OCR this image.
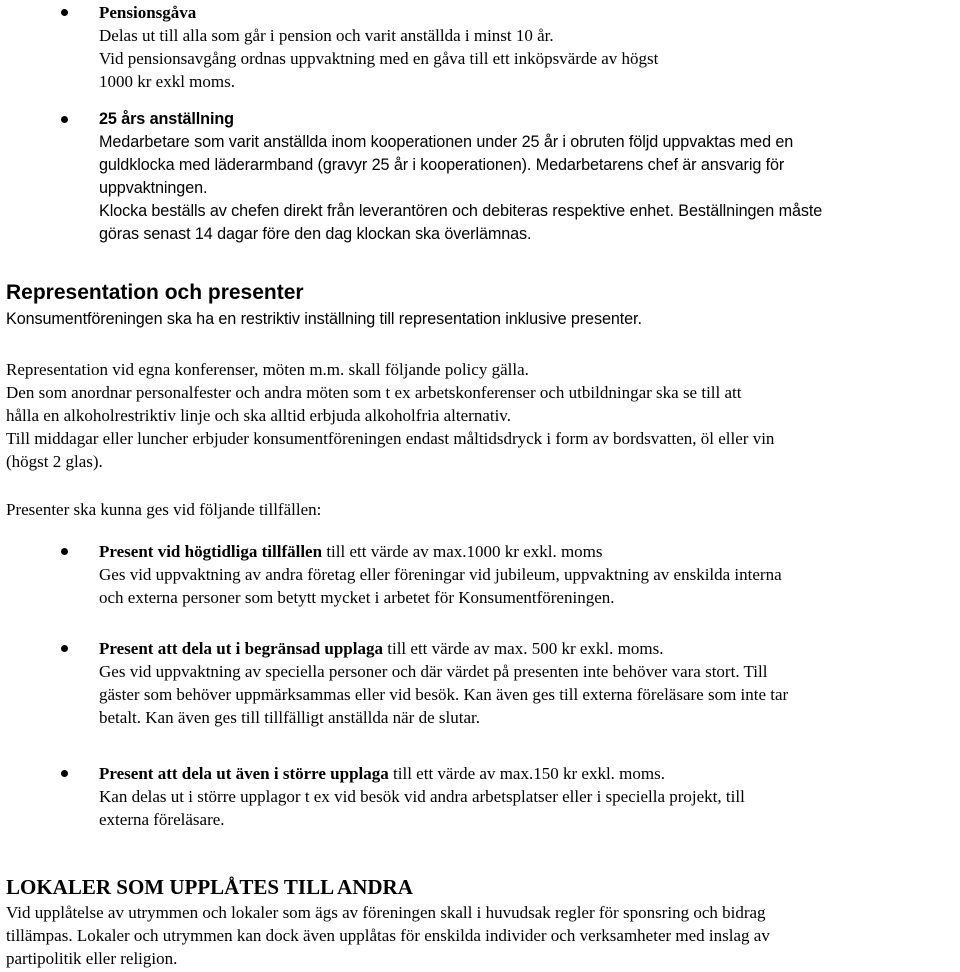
Pensionsgåva

Delas ut till alla som går i pension och varit anställda i minst 10 år.

Vid pensionsavgång ordnas uppvaktning med en gåva till ett inköpsvärde av högst

1000 kr exkl moms.

25 års anställning

Medarbetare som varit anställda inom kooperationen under 25 år i obruten följd uppvaktas med en

guldklocka med läderarmband (gravyr 25 år i kooperationen). Medarbetarens chef är ansvarig för

uppvaktningen.

Klocka beställs av chefen direkt från leverantören och debiteras respektive enhet. Beställningen måste

göras senast 14 dagar före den dag klockan ska överlämnas.

Representation och presenter

Konsumentföreningen ska ha en restriktiv inställning till representation inklusive presenter.

Representation vid egna konferenser, möten m.m. skall följande policy gälla.

Den som anordnar personalfester och andra möten som t ex arbetskonferenser och utbildningar ska se till att

hålla en alkoholrestriktiv linje och ska alltid erbjuda alkoholfria alternativ.

Till middagar eller luncher erbjuder konsumentföreningen endast måltidsdryck i form av bordsvatten, öl eller vin

(högst 2 glas).

Presenter ska kunna ges vid följande tillfällen:

Present vid högtidliga tillfällen till ett värde av max.1000 kr exkl. moms

Ges vid uppvaktning av andra företag eller föreningar vid jubileum, uppvaktning av enskilda interna

och externa personer som betytt mycket i arbetet för Konsumentföreningen.

Present att dela ut i begränsad upplaga till ett värde av max. 500 kr exkl. moms.

Ges vid uppvaktning av speciella personer och där värdet på presenten inte behöver vara stort. Till

gäster som behöver uppmärksammas eller vid besök. Kan även ges till externa föreläsare som inte tar

betalt. Kan även ges till tillfälligt anställda när de slutar.

Present att dela ut även i större upplaga till ett värde av max.150 kr exkl. moms.

Kan delas ut i större upplagor t ex vid besök vid andra arbetsplatser eller i speciella projekt, till

externa föreläsare.

LOKALER SOM UPPLÅTES TILL ANDRA

Vid upplåtelse av utrymmen och lokaler som ägs av föreningen skall i huvudsak regler för sponsring och bidrag

tillämpas. Lokaler och utrymmen kan dock även upplåtas för enskilda individer och verksamheter med inslag av

partipolitik eller religion.
